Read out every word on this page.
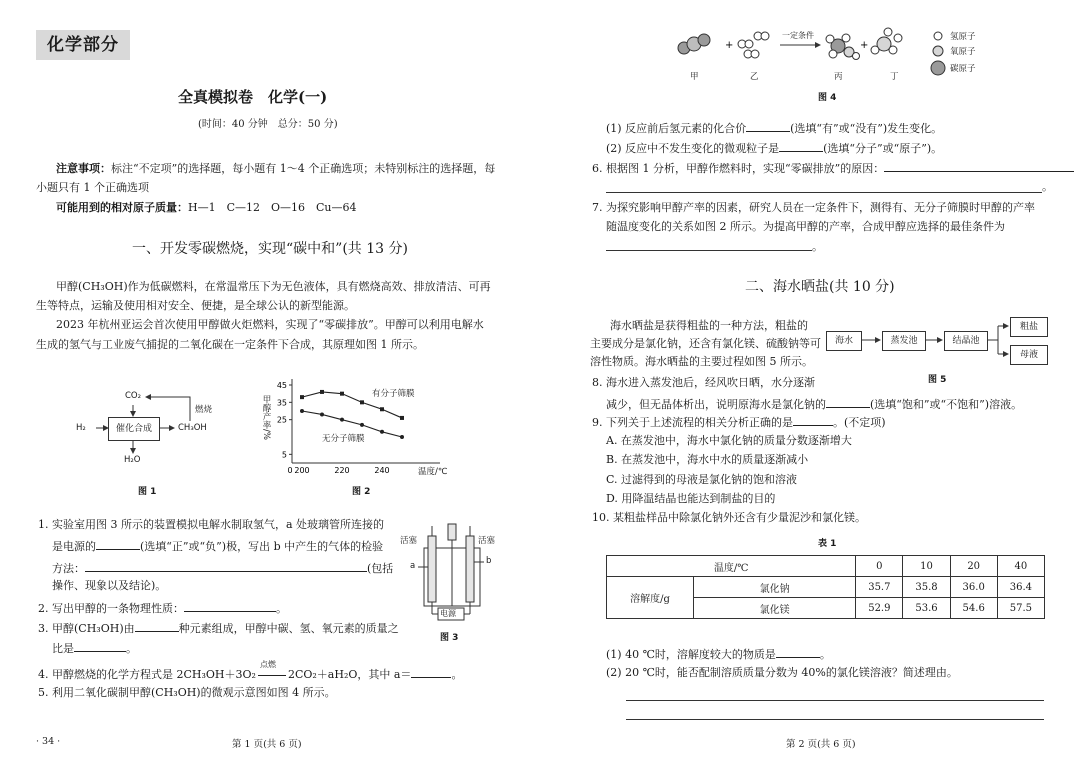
化学部分
全真模拟卷　化学(一)
(时间：40 分钟　总分：50 分)
注意事项：标注“不定项”的选择题，每小题有 1～4 个正确选项；未特别标注的选择题，每
小题只有 1 个正确选项
可能用到的相对原子质量：H—1　C—12　O—16　Cu—64
一、开发零碳燃烧，实现“碳中和”(共 13 分)
甲醇(CH₃OH)作为低碳燃料，在常温常压下为无色液体，具有燃烧高效、排放清洁、可再
生等特点，运输及使用相对安全、便捷，是全球公认的新型能源。
2023 年杭州亚运会首次使用甲醇做火炬燃料，实现了“零碳排放”。甲醇可以利用电解水
生成的氢气与工业废气捕捉的二氧化碳在一定条件下合成，其原理如图 1 所示。
CO₂
H₂	催化合成	CH₃OH
H₂O
燃烧
图 1
5
25
35
45
0 200	220	240
甲醇产率/%
温度/℃
有分子筛膜
无分子筛膜
图 2
1. 实验室用图 3 所示的装置模拟电解水制取氢气，a 处玻璃管所连接的
是电源的	(选填“正”或“负”)极，写出 b 中产生的气体的检验
方法：	(包括
操作、现象以及结论)。
2. 写出甲醇的一条物理性质：	。
3. 甲醇(CH₃OH)由	种元素组成，甲醇中碳、氢、氧元素的质量之
比是	。
4. 甲醇燃烧的化学方程式是 2CH₃OH＋3O₂
点燃
2CO₂＋aH₂O，其中 a＝	。
5. 利用二氧化碳制甲醇(CH₃OH)的微观示意图如图 4 所示。
活塞	活塞
a	b
电源
图 3
· 34 ·	第 1 页(共 6 页)
+	+
一定条件
甲	乙	丙	丁
氢原子
氧原子
碳原子
图 4
(1) 反应前后氢元素的化合价	(选填“有”或“没有”)发生变化。
(2) 反应中不发生变化的微观粒子是	(选填“分子”或“原子”)。
6. 根据图 1 分析，甲醇作燃料时，实现“零碳排放”的原因：
。
7. 为探究影响甲醇产率的因素，研究人员在一定条件下，测得有、无分子筛膜时甲醇的产率
随温度变化的关系如图 2 所示。为提高甲醇的产率，合成甲醇应选择的最佳条件为
。
二、海水晒盐(共 10 分)
海水晒盐是获得粗盐的一种方法，粗盐的
主要成分是氯化钠，还含有氯化镁、硫酸钠等可
溶性物质。海水晒盐的主要过程如图 5 所示。
海水	蒸发池	结晶池
粗盐
母液
图 5
8. 海水进入蒸发池后，经风吹日晒，水分逐渐
减少，但无晶体析出，说明原海水是氯化钠的	(选填“饱和”或“不饱和”)溶液。
9. 下列关于上述流程的相关分析正确的是	。(不定项)
A. 在蒸发池中，海水中氯化钠的质量分数逐渐增大
B. 在蒸发池中，海水中水的质量逐渐减小
C. 过滤得到的母液是氯化钠的饱和溶液
D. 用降温结晶也能达到制盐的目的
10. 某粗盐样品中除氯化钠外还含有少量泥沙和氯化镁。
表 1
温度/℃		0	10	20	40
溶解度/g	氯化钠	35.7	35.8	36.0	36.4
	氯化镁	52.9	53.6	54.6	57.5
(1) 40 ℃时，溶解度较大的物质是	。
(2) 20 ℃时，能否配制溶质质量分数为 40%的氯化镁溶液？简述理由。
第 2 页(共 6 页)
